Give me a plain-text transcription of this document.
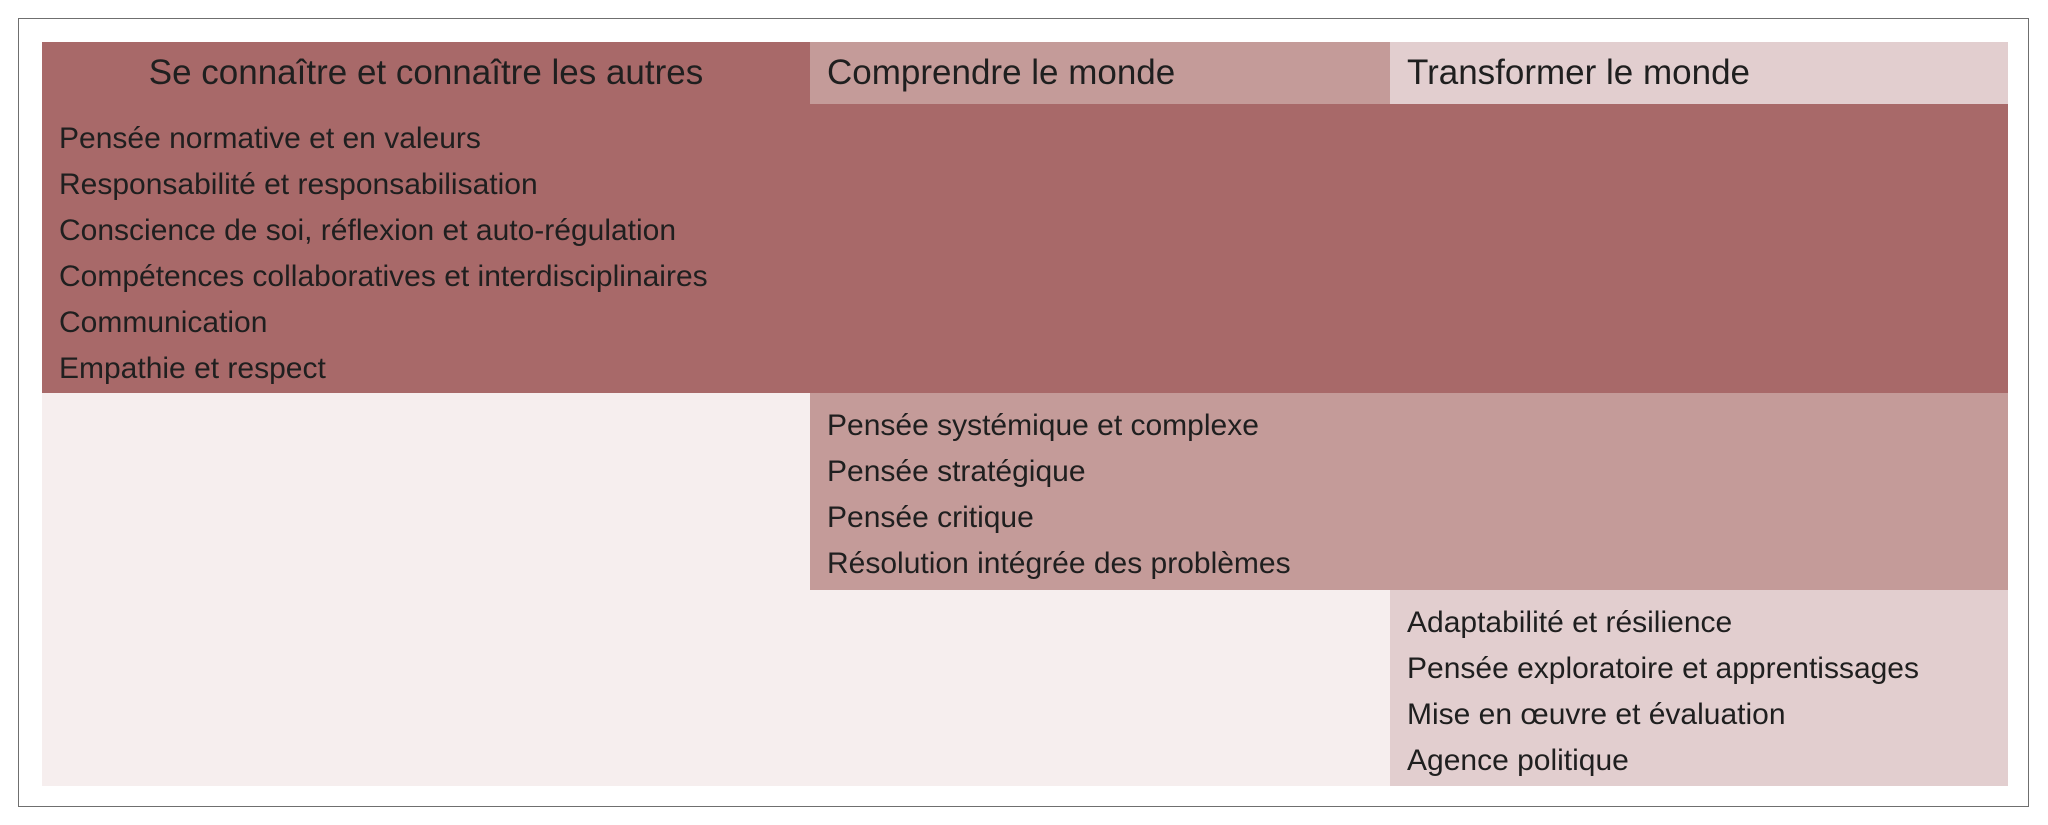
Se connaître et connaître les autres	Comprendre le monde	Transformer le monde
Pensée normative et en valeurs
Responsabilité et responsabilisation
Conscience de soi, réflexion et auto-régulation
Compétences collaboratives et interdisciplinaires
Communication
Empathie et respect
Pensée systémique et complexe
Pensée stratégique
Pensée critique
Résolution intégrée des problèmes
Adaptabilité et résilience
Pensée exploratoire et apprentissages
Mise en œuvre et évaluation
Agence politique
